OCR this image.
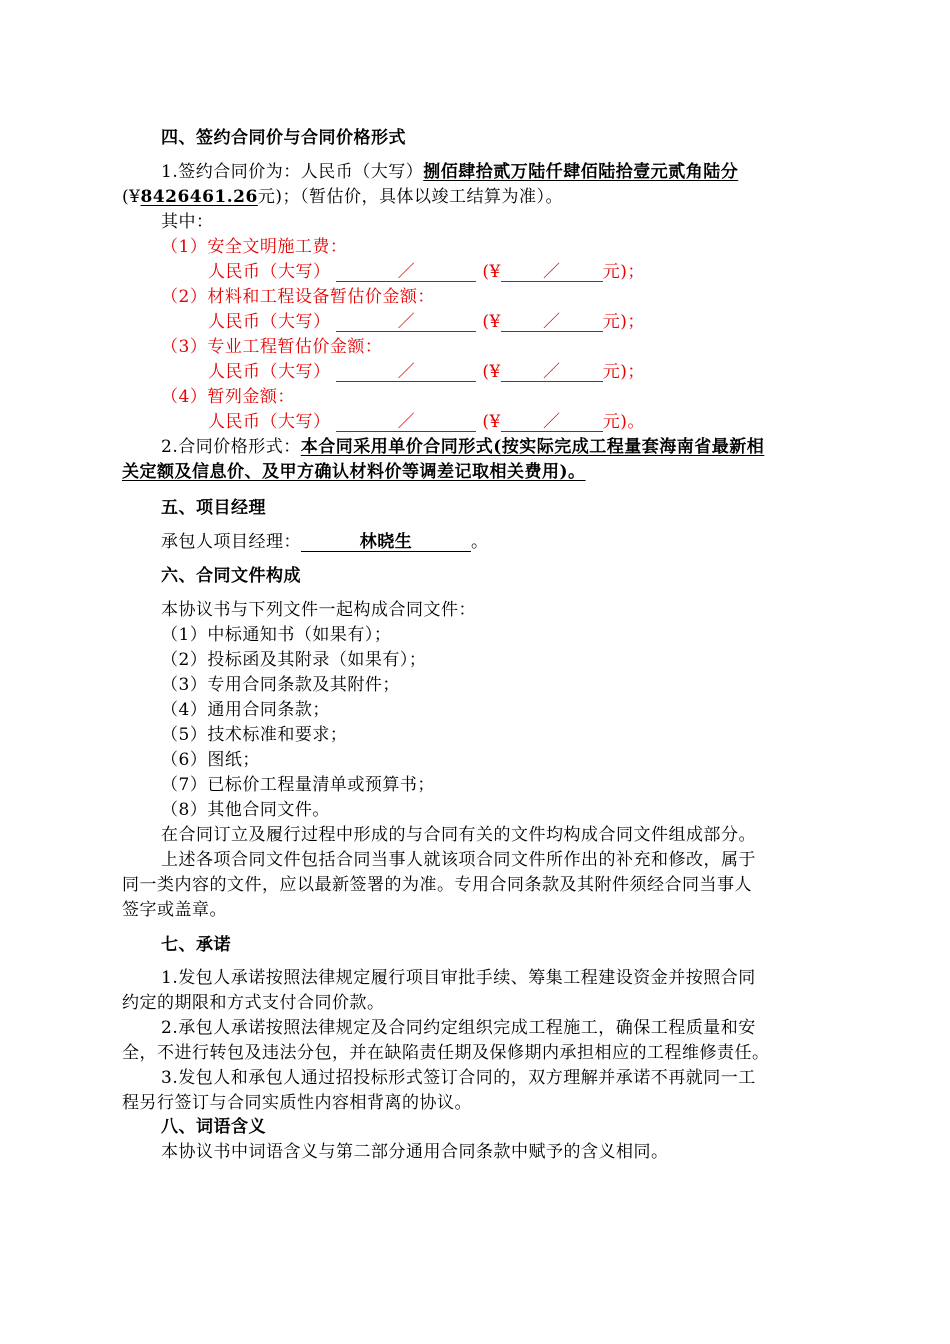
四、签约合同价与合同价格形式
1.签约合同价为：人民币（大写）捌佰肆拾贰万陆仟肆佰陆拾壹元贰角陆分
(¥8426461.26元)；（暂估价，具体以竣工结算为准）。
其中：
（1）安全文明施工费：
人民币（大写）	／	(¥ ／ 元)；
（2）材料和工程设备暂估价金额：
人民币（大写）	／	(¥ ／ 元)；
（3）专业工程暂估价金额：
人民币（大写）	／	(¥ ／ 元)；
（4）暂列金额：
人民币（大写）	／	(¥ ／ 元)。
2.合同价格形式：本合同采用单价合同形式(按实际完成工程量套海南省最新相
关定额及信息价、及甲方确认材料价等调差记取相关费用)。
五、项目经理
承包人项目经理：	林晓生	。
六、合同文件构成
本协议书与下列文件一起构成合同文件：
（1）中标通知书（如果有）；
（2）投标函及其附录（如果有）；
（3）专用合同条款及其附件；
（4）通用合同条款；
（5）技术标准和要求；
（6）图纸；
（7）已标价工程量清单或预算书；
（8）其他合同文件。
在合同订立及履行过程中形成的与合同有关的文件均构成合同文件组成部分。
上述各项合同文件包括合同当事人就该项合同文件所作出的补充和修改，属于
同一类内容的文件，应以最新签署的为准。专用合同条款及其附件须经合同当事人
签字或盖章。
七、承诺
1.发包人承诺按照法律规定履行项目审批手续、筹集工程建设资金并按照合同
约定的期限和方式支付合同价款。
2.承包人承诺按照法律规定及合同约定组织完成工程施工，确保工程质量和安
全，不进行转包及违法分包，并在缺陷责任期及保修期内承担相应的工程维修责任。
3.发包人和承包人通过招投标形式签订合同的，双方理解并承诺不再就同一工
程另行签订与合同实质性内容相背离的协议。
八、词语含义
本协议书中词语含义与第二部分通用合同条款中赋予的含义相同。
